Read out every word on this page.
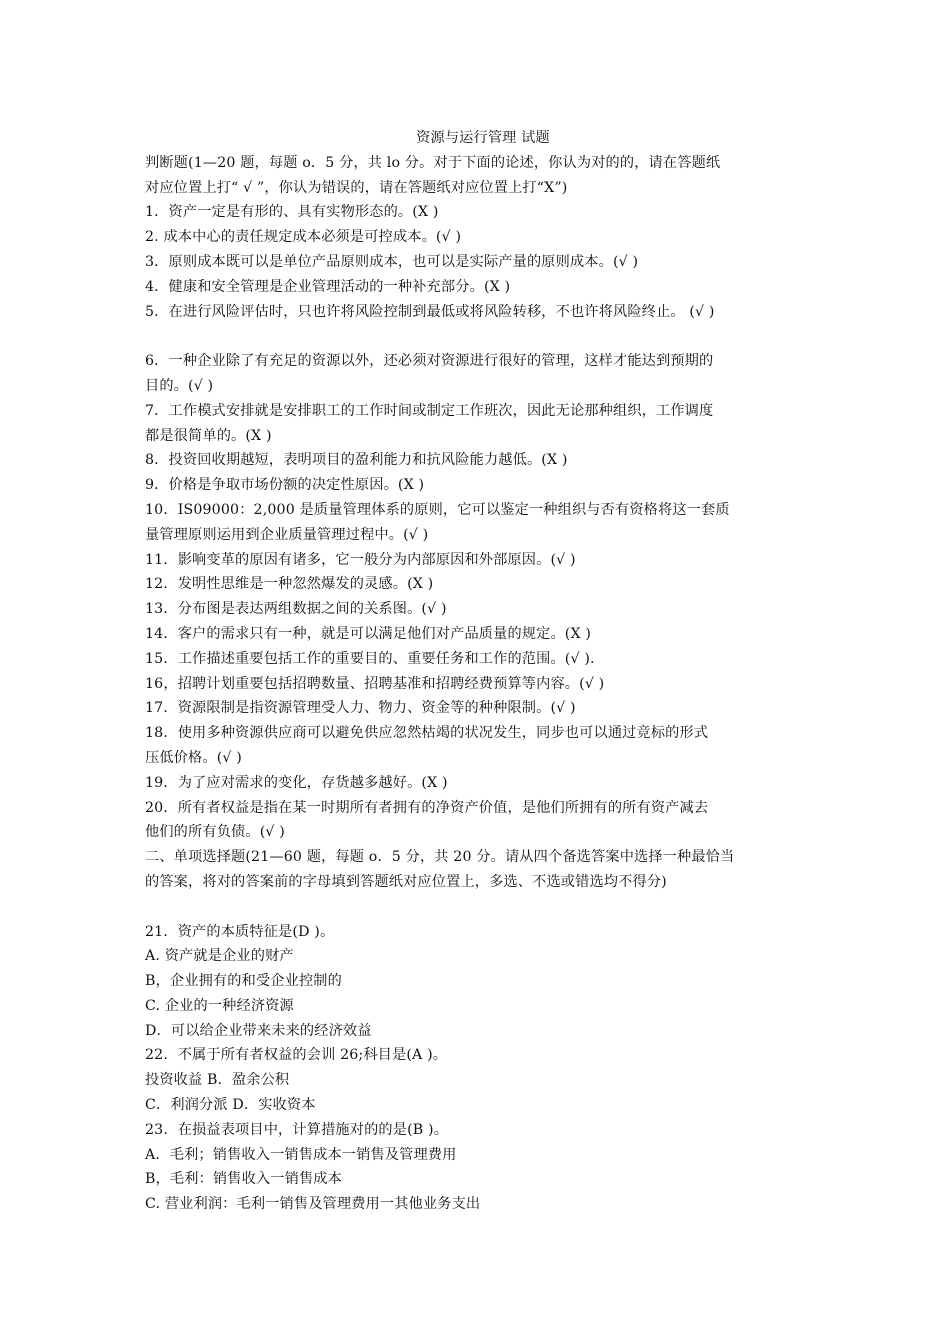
资源与运行管理 试题
判断题(1—20 题，每题 o．5 分，共 lo 分。对于下面的论述，你认为对的的，请在答题纸
对应位置上打“ √ ”，你认为错误的，请在答题纸对应位置上打“X”)
1．资产一定是有形的、具有实物形态的。(X )
2. 成本中心的责任规定成本必须是可控成本。(√ )
3．原则成本既可以是单位产品原则成本，也可以是实际产量的原则成本。(√ )
4．健康和安全管理是企业管理活动的一种补充部分。(X )
5．在进行风险评估时，只也许将风险控制到最低或将风险转移，不也许将风险终止。 (√ )
6．一种企业除了有充足的资源以外，还必须对资源进行很好的管理，这样才能达到预期的
目的。(√ )
7．工作模式安排就是安排职工的工作时间或制定工作班次，因此无论那种组织，工作调度
都是很简单的。(X )
8．投资回收期越短，表明项目的盈利能力和抗风险能力越低。(X )
9．价格是争取市场份额的决定性原因。(X )
10．IS09000：2,000 是质量管理体系的原则，它可以鉴定一种组织与否有资格将这一套质
量管理原则运用到企业质量管理过程中。(√ )
11．影响变革的原因有诸多，它一般分为内部原因和外部原因。(√ )
12．发明性思维是一种忽然爆发的灵感。(X )
13．分布图是表达两组数据之间的关系图。(√ )
14．客户的需求只有一种，就是可以满足他们对产品质量的规定。(X )
15．工作描述重要包括工作的重要目的、重要任务和工作的范围。(√ ).
16，招聘计划重要包括招聘数量、招聘基准和招聘经费预算等内容。(√ )
17．资源限制是指资源管理受人力、物力、资金等的种种限制。(√ )
18．使用多种资源供应商可以避免供应忽然枯竭的状况发生，同步也可以通过竞标的形式
压低价格。(√ )
19．为了应对需求的变化，存货越多越好。(X )
20．所有者权益是指在某一时期所有者拥有的净资产价值，是他们所拥有的所有资产减去
他们的所有负债。(√ )
二、单项选择题(21—60 题，每题 o．5 分，共 20 分。请从四个备选答案中选择一种最恰当
的答案，将对的答案前的字母填到答题纸对应位置上，多选、不选或错选均不得分)
21．资产的本质特征是(D )。
A. 资产就是企业的财产
B，企业拥有的和受企业控制的
C. 企业的一种经济资源
D．可以给企业带来未来的经济效益
22．不属于所有者权益的会训 26;科目是(A )。
投资收益 B．盈余公积
C．利润分派 D．实收资本
23．在损益表项目中，计算措施对的的是(B )。
A．毛利；销售收入一销售成本一销售及管理费用
B，毛利：销售收入一销售成本
C. 营业利润：毛利一销售及管理费用一其他业务支出
